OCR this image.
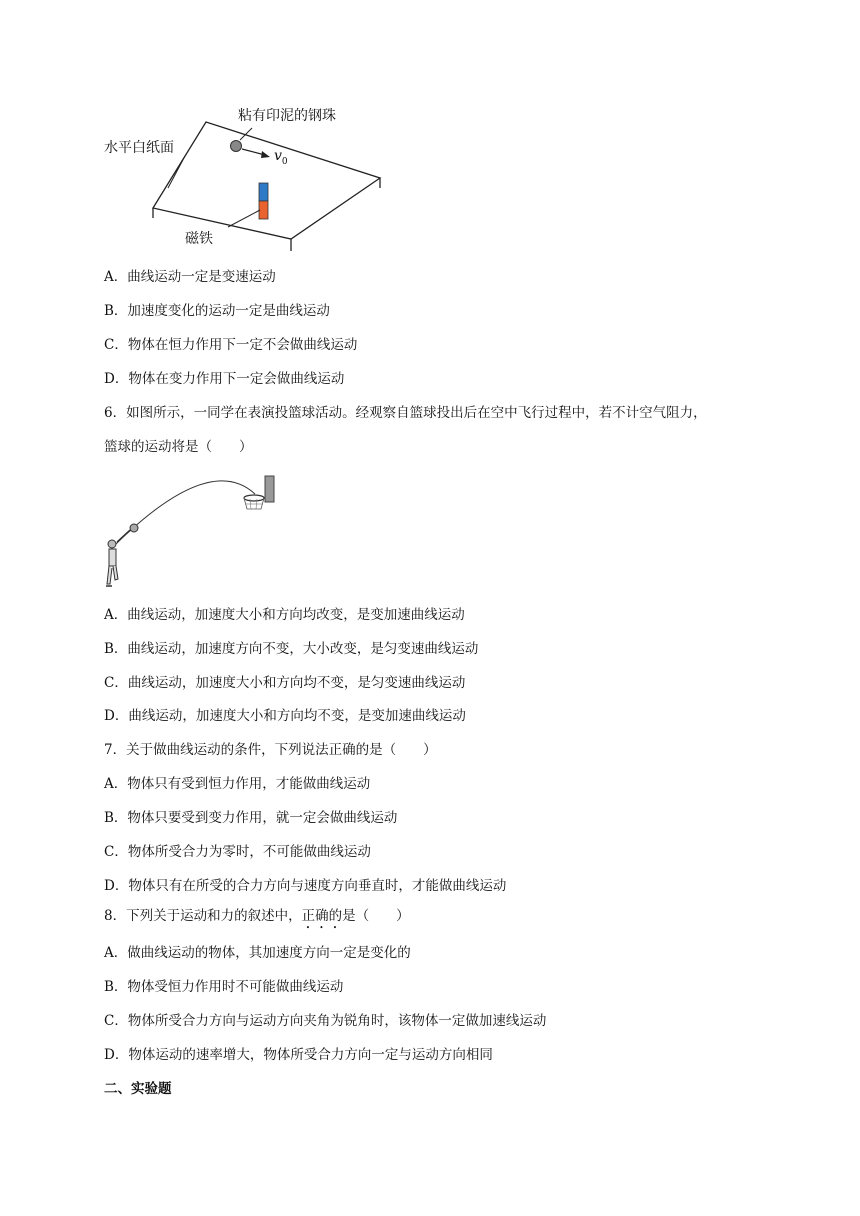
粘有印泥的钢珠
水平白纸面	$v_0$
磁铁
A．曲线运动一定是变速运动
B．加速度变化的运动一定是曲线运动
C．物体在恒力作用下一定不会做曲线运动
D．物体在变力作用下一定会做曲线运动
6．如图所示，一同学在表演投篮球活动。经观察自篮球投出后在空中飞行过程中，若不计空气阻力，
篮球的运动将是（　　）
A．曲线运动，加速度大小和方向均改变，是变加速曲线运动
B．曲线运动，加速度方向不变，大小改变，是匀变速曲线运动
C．曲线运动，加速度大小和方向均不变，是匀变速曲线运动
D．曲线运动，加速度大小和方向均不变，是变加速曲线运动
7．关于做曲线运动的条件，下列说法正确的是（　　）
A．物体只有受到恒力作用，才能做曲线运动
B．物体只要受到变力作用，就一定会做曲线运动
C．物体所受合力为零时，不可能做曲线运动
D．物体只有在所受的合力方向与速度方向垂直时，才能做曲线运动
8．下列关于运动和力的叙述中，正确的是（　　）
A．做曲线运动的物体，其加速度方向一定是变化的
B．物体受恒力作用时不可能做曲线运动
C．物体所受合力方向与运动方向夹角为锐角时，该物体一定做加速线运动
D．物体运动的速率增大，物体所受合力方向一定与运动方向相同
二、实验题
